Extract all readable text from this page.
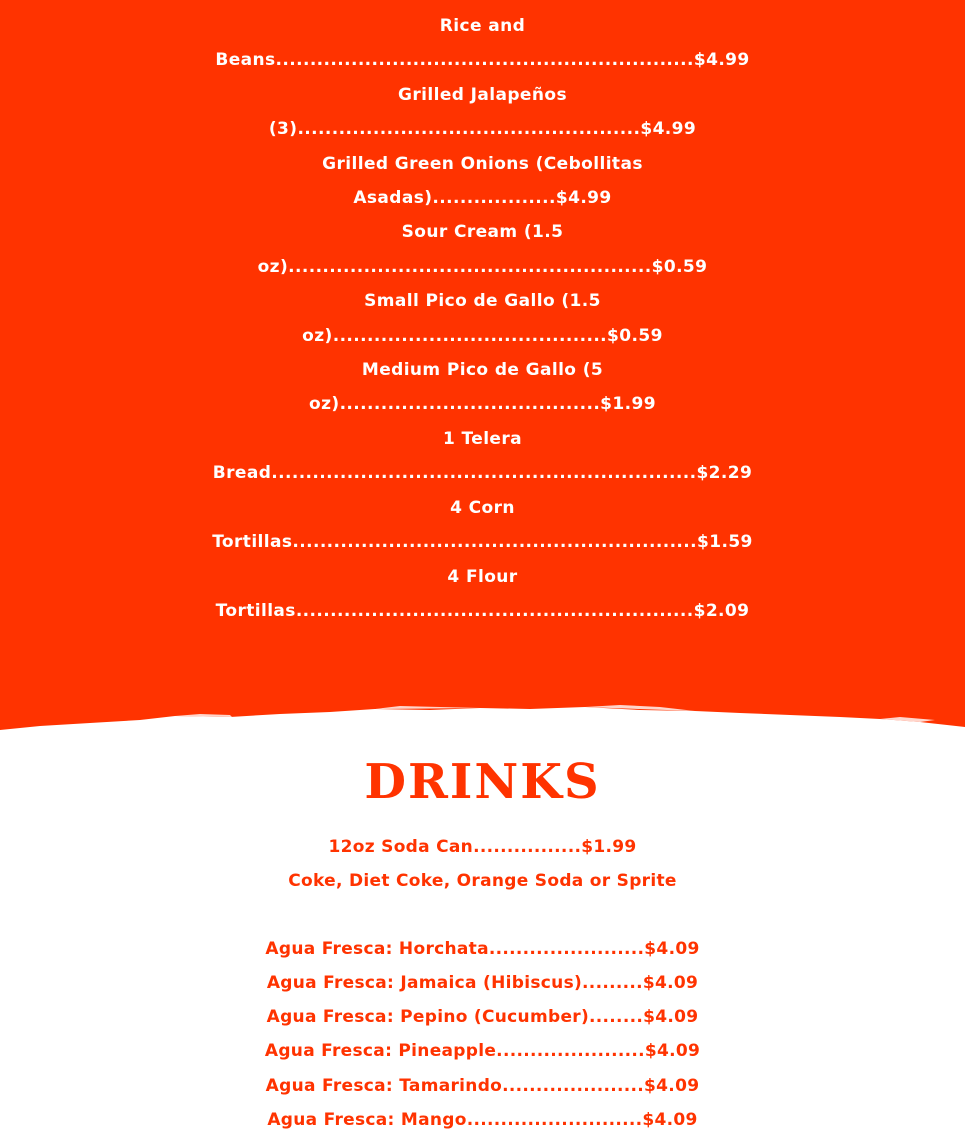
Rice and
Beans.............................................................$4.99
Grilled Jalapeños
(3)..................................................$4.99
Grilled Green Onions (Cebollitas
Asadas)..................$4.99
Sour Cream (1.5
oz).....................................................$0.59
Small Pico de Gallo (1.5
oz)........................................$0.59
Medium Pico de Gallo (5
oz)......................................$1.99
1 Telera
Bread..............................................................$2.29
4 Corn
Tortillas...........................................................$1.59
4 Flour
Tortillas..........................................................$2.09
DRINKS
12oz Soda Can................$1.99
Coke, Diet Coke, Orange Soda or Sprite
Agua Fresca: Horchata.......................$4.09
Agua Fresca: Jamaica (Hibiscus).........$4.09
Agua Fresca: Pepino (Cucumber)........$4.09
Agua Fresca: Pineapple......................$4.09
Agua Fresca: Tamarindo.....................$4.09
Agua Fresca: Mango..........................$4.09
